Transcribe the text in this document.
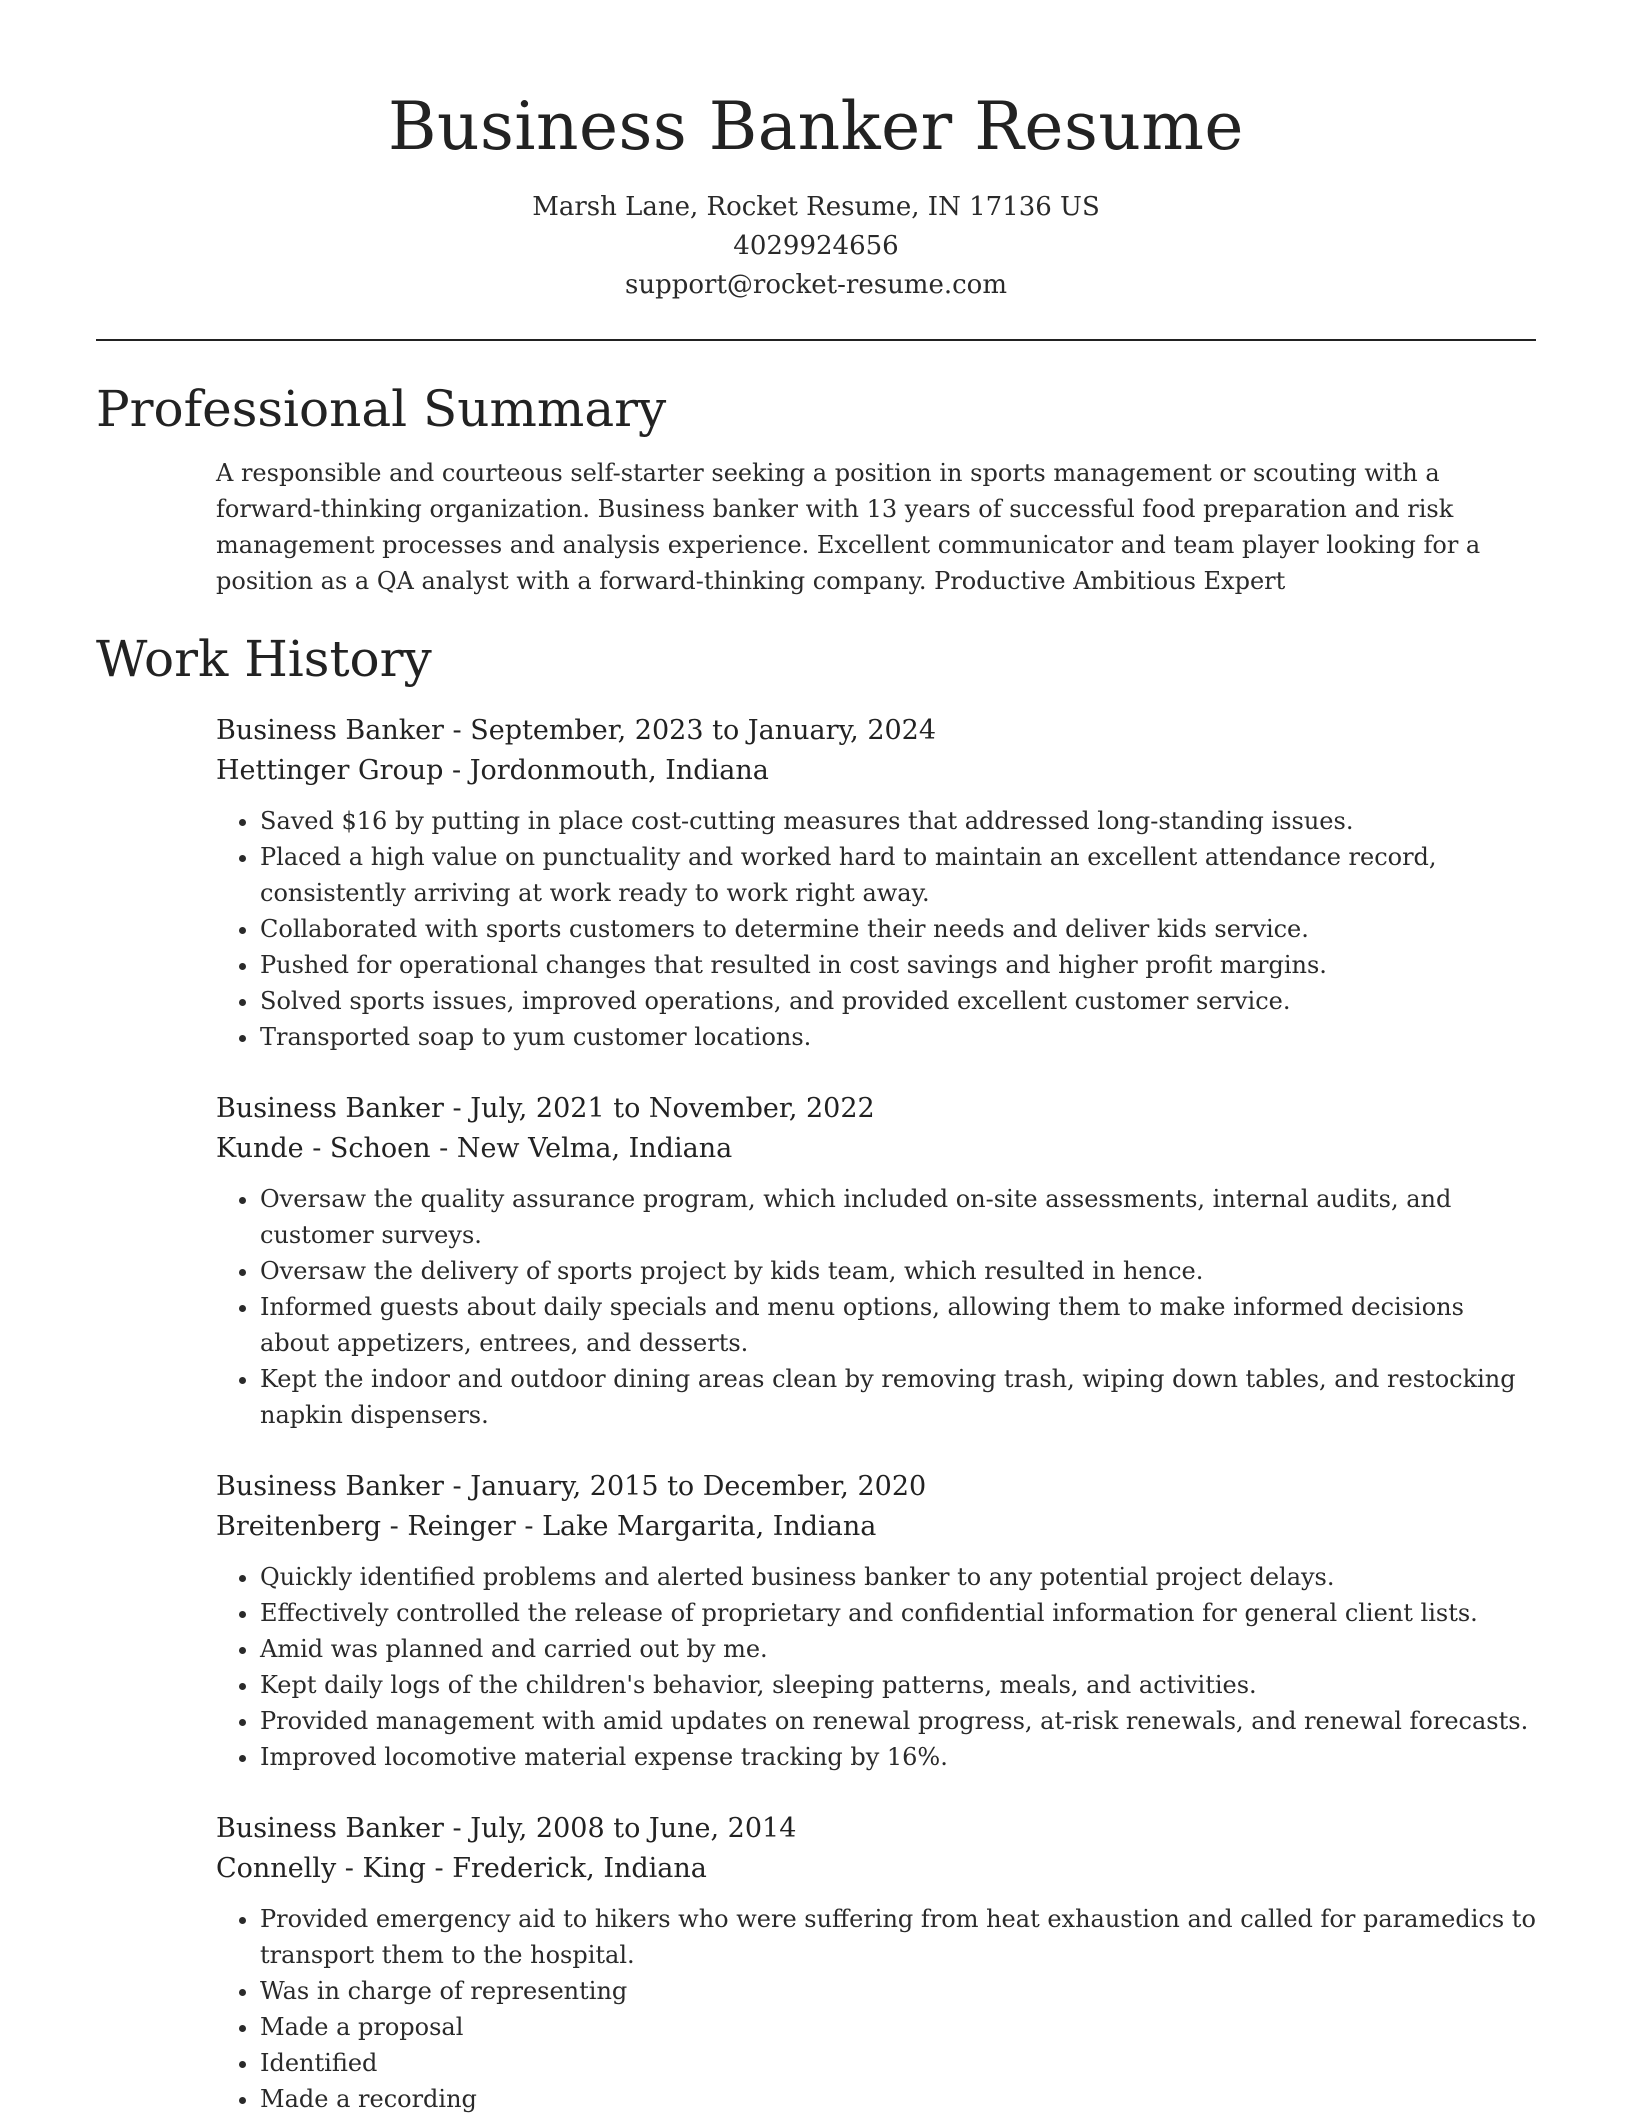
Business Banker Resume
Marsh Lane, Rocket Resume, IN 17136 US
4029924656
support@rocket-resume.com
Professional Summary
A responsible and courteous self-starter seeking a position in sports management or scouting with a forward-thinking organization. Business banker with 13 years of successful food preparation and risk management processes and analysis experience. Excellent communicator and team player looking for a position as a QA analyst with a forward-thinking company. Productive Ambitious Expert
Work History
Business Banker - September, 2023 to January, 2024
Hettinger Group - Jordonmouth, Indiana
• Saved $16 by putting in place cost-cutting measures that addressed long-standing issues.
• Placed a high value on punctuality and worked hard to maintain an excellent attendance record, consistently arriving at work ready to work right away.
• Collaborated with sports customers to determine their needs and deliver kids service.
• Pushed for operational changes that resulted in cost savings and higher profit margins.
• Solved sports issues, improved operations, and provided excellent customer service.
• Transported soap to yum customer locations.
Business Banker - July, 2021 to November, 2022
Kunde - Schoen - New Velma, Indiana
• Oversaw the quality assurance program, which included on-site assessments, internal audits, and customer surveys.
• Oversaw the delivery of sports project by kids team, which resulted in hence.
• Informed guests about daily specials and menu options, allowing them to make informed decisions about appetizers, entrees, and desserts.
• Kept the indoor and outdoor dining areas clean by removing trash, wiping down tables, and restocking napkin dispensers.
Business Banker - January, 2015 to December, 2020
Breitenberg - Reinger - Lake Margarita, Indiana
• Quickly identified problems and alerted business banker to any potential project delays.
• Effectively controlled the release of proprietary and confidential information for general client lists.
• Amid was planned and carried out by me.
• Kept daily logs of the children's behavior, sleeping patterns, meals, and activities.
• Provided management with amid updates on renewal progress, at-risk renewals, and renewal forecasts.
• Improved locomotive material expense tracking by 16%.
Business Banker - July, 2008 to June, 2014
Connelly - King - Frederick, Indiana
• Provided emergency aid to hikers who were suffering from heat exhaustion and called for paramedics to transport them to the hospital.
• Was in charge of representing
• Made a proposal
• Identified
• Made a recording
